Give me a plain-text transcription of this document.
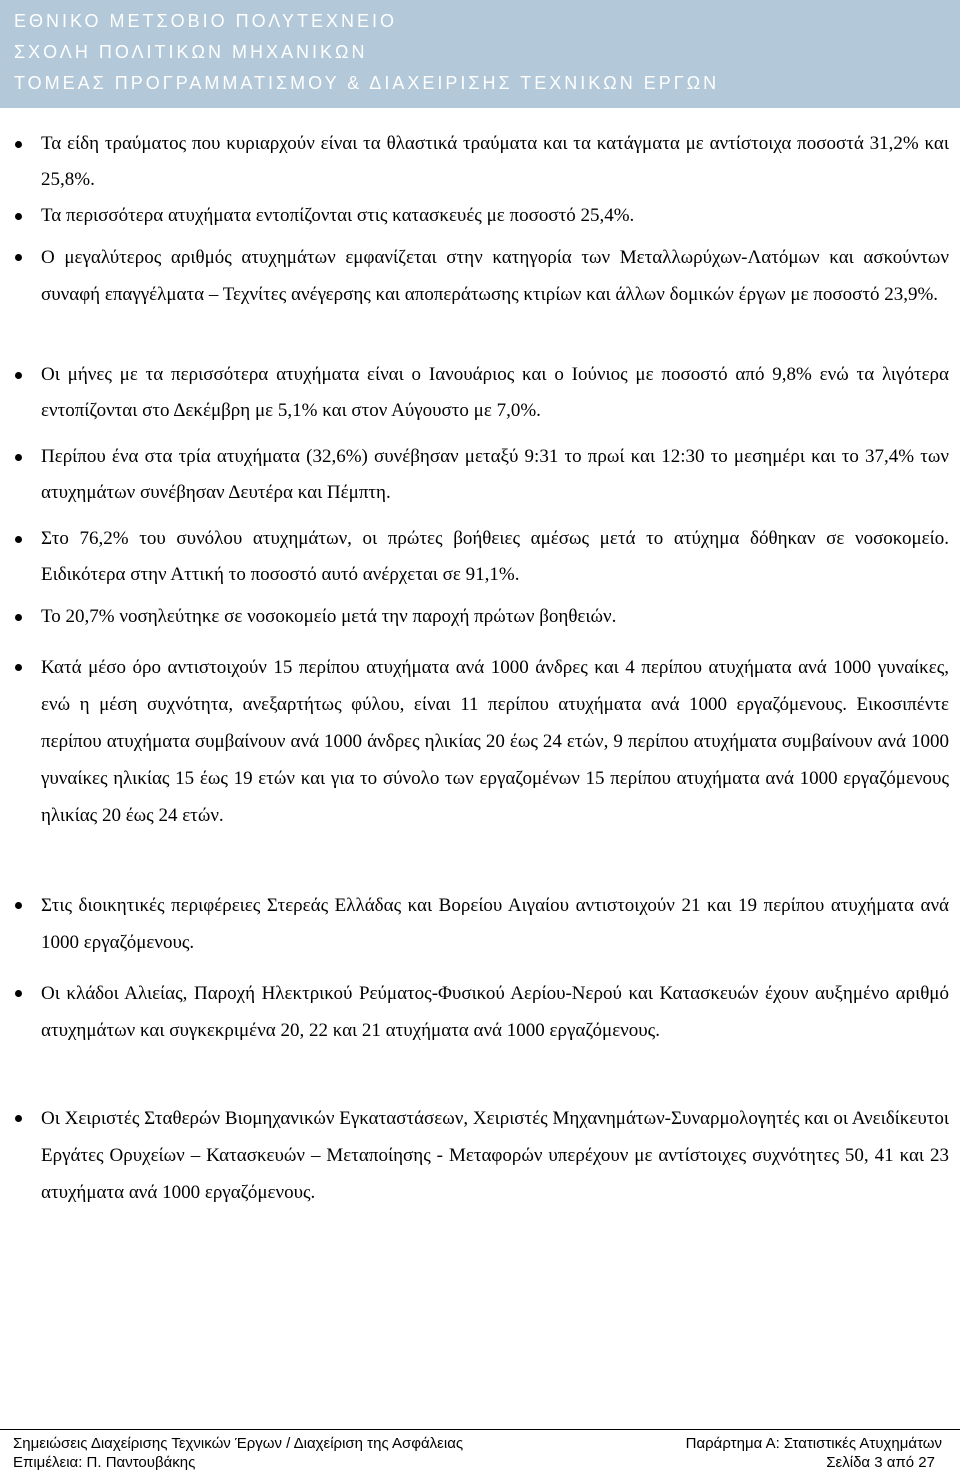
ΕΘΝΙΚΟ ΜΕΤΣΟΒΙΟ ΠΟΛΥΤΕΧΝΕΙΟ
ΣΧΟΛΗ ΠΟΛΙΤΙΚΩΝ ΜΗΧΑΝΙΚΩΝ
ΤΟΜΕΑΣ ΠΡΟΓΡΑΜΜΑΤΙΣΜΟΥ & ΔΙΑΧΕΙΡΙΣΗΣ ΤΕΧΝΙΚΩΝ ΕΡΓΩΝ
Τα είδη τραύματος που κυριαρχούν είναι τα θλαστικά τραύματα και τα κατάγματα με αντίστοιχα ποσοστά 31,2% και 25,8%.
Τα περισσότερα ατυχήματα εντοπίζονται στις κατασκευές με ποσοστό 25,4%.
Ο μεγαλύτερος αριθμός ατυχημάτων εμφανίζεται στην κατηγορία των Μεταλλωρύχων-Λατόμων και ασκούντων συναφή επαγγέλματα – Τεχνίτες ανέγερσης και αποπεράτωσης κτιρίων και άλλων δομικών έργων με ποσοστό 23,9%.
Οι μήνες με τα περισσότερα ατυχήματα είναι ο Ιανουάριος και ο Ιούνιος με ποσοστό από 9,8% ενώ τα λιγότερα εντοπίζονται στο Δεκέμβρη με 5,1% και στον Αύγουστο με 7,0%.
Περίπου ένα στα τρία ατυχήματα (32,6%) συνέβησαν μεταξύ 9:31 το πρωί και 12:30 το μεσημέρι και το 37,4% των ατυχημάτων συνέβησαν Δευτέρα και Πέμπτη.
Στο 76,2% του συνόλου ατυχημάτων, οι πρώτες βοήθειες αμέσως μετά το ατύχημα δόθηκαν σε νοσοκομείο. Ειδικότερα στην Αττική το ποσοστό αυτό ανέρχεται σε 91,1%.
Το 20,7% νοσηλεύτηκε σε νοσοκομείο μετά την παροχή πρώτων βοηθειών.
Κατά μέσο όρο αντιστοιχούν 15 περίπου ατυχήματα ανά 1000 άνδρες και 4 περίπου ατυχήματα ανά 1000 γυναίκες, ενώ η μέση συχνότητα, ανεξαρτήτως φύλου, είναι 11 περίπου ατυχήματα ανά 1000 εργαζόμενους. Εικοσιπέντε περίπου ατυχήματα συμβαίνουν ανά 1000 άνδρες ηλικίας 20 έως 24 ετών, 9 περίπου ατυχήματα συμβαίνουν ανά 1000 γυναίκες ηλικίας 15 έως 19 ετών και για το σύνολο των εργαζομένων 15 περίπου ατυχήματα ανά 1000 εργαζόμενους ηλικίας 20 έως 24 ετών.
Στις διοικητικές περιφέρειες Στερεάς Ελλάδας και Βορείου Αιγαίου αντιστοιχούν 21 και 19 περίπου ατυχήματα ανά 1000 εργαζόμενους.
Οι κλάδοι Αλιείας, Παροχή Ηλεκτρικού Ρεύματος-Φυσικού Αερίου-Νερού και Κατασκευών έχουν αυξημένο αριθμό ατυχημάτων και συγκεκριμένα 20, 22 και 21 ατυχήματα ανά 1000 εργαζόμενους.
Οι Χειριστές Σταθερών Βιομηχανικών Εγκαταστάσεων, Χειριστές Μηχανημάτων-Συναρμολογητές και οι Ανειδίκευτοι Εργάτες Ορυχείων – Κατασκευών – Μεταποίησης - Μεταφορών υπερέχουν με αντίστοιχες συχνότητες 50, 41 και 23 ατυχήματα ανά 1000 εργαζόμενους.
Σημειώσεις Διαχείρισης Τεχνικών Έργων / Διαχείριση της Ασφάλειας
Επιμέλεια: Π. Παντουβάκης
Παράρτημα Α: Στατιστικές Ατυχημάτων
Σελίδα 3 από 27
